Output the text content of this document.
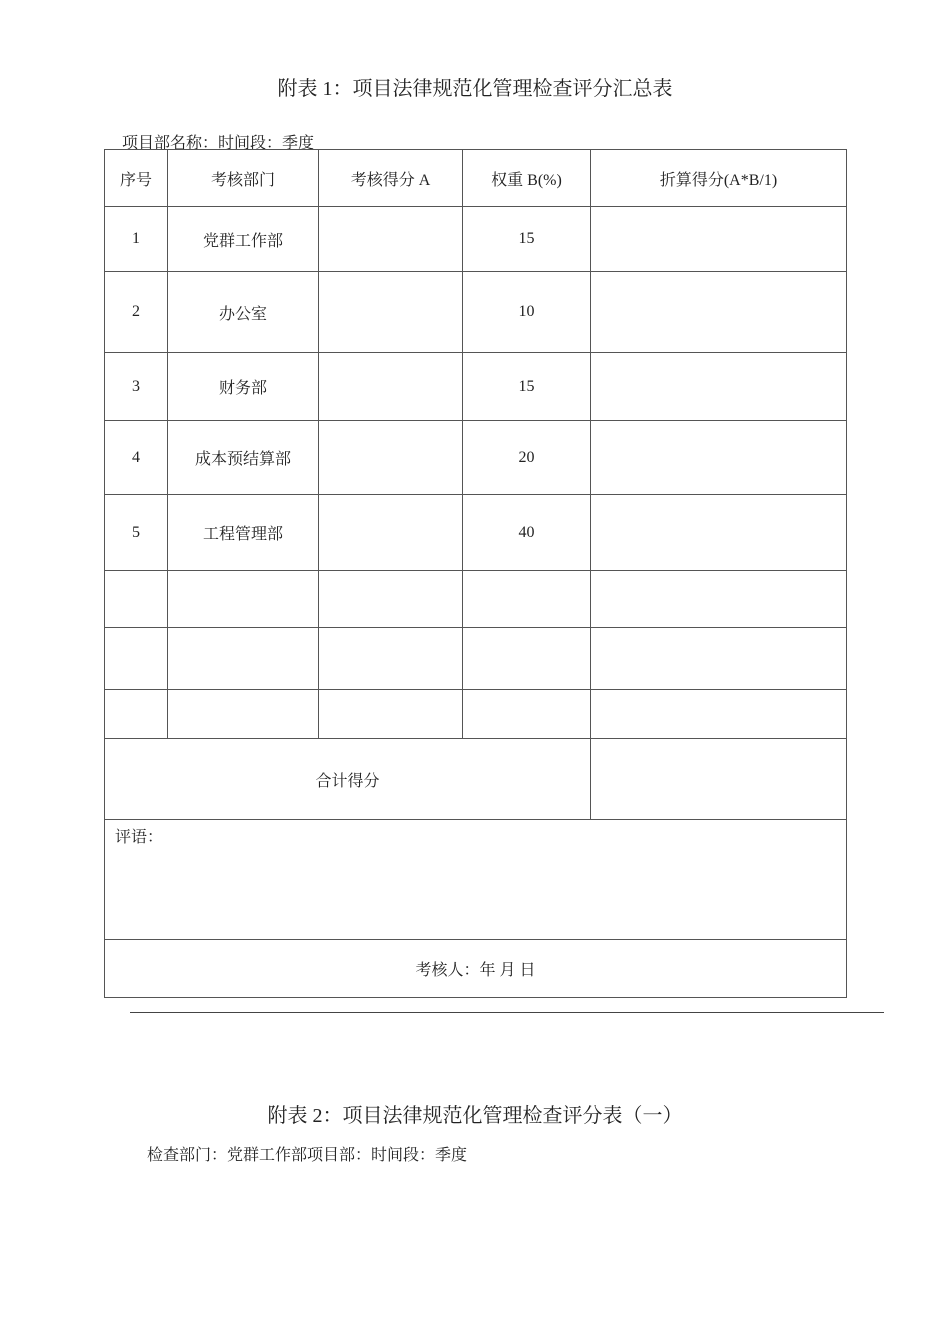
附表 1：项目法律规范化管理检查评分汇总表
项目部名称：时间段：季度
序号	考核部门	考核得分 A	权重 B(%)	折算得分(A*B/1)
1	党群工作部		15	
2	办公室		10	
3	财务部		15	
4	成本预结算部		20	
5	工程管理部		40	

合计得分				
评语：				
考核人：年 月 日				
附表 2：项目法律规范化管理检查评分表（一）
检查部门：党群工作部项目部：时间段：季度
